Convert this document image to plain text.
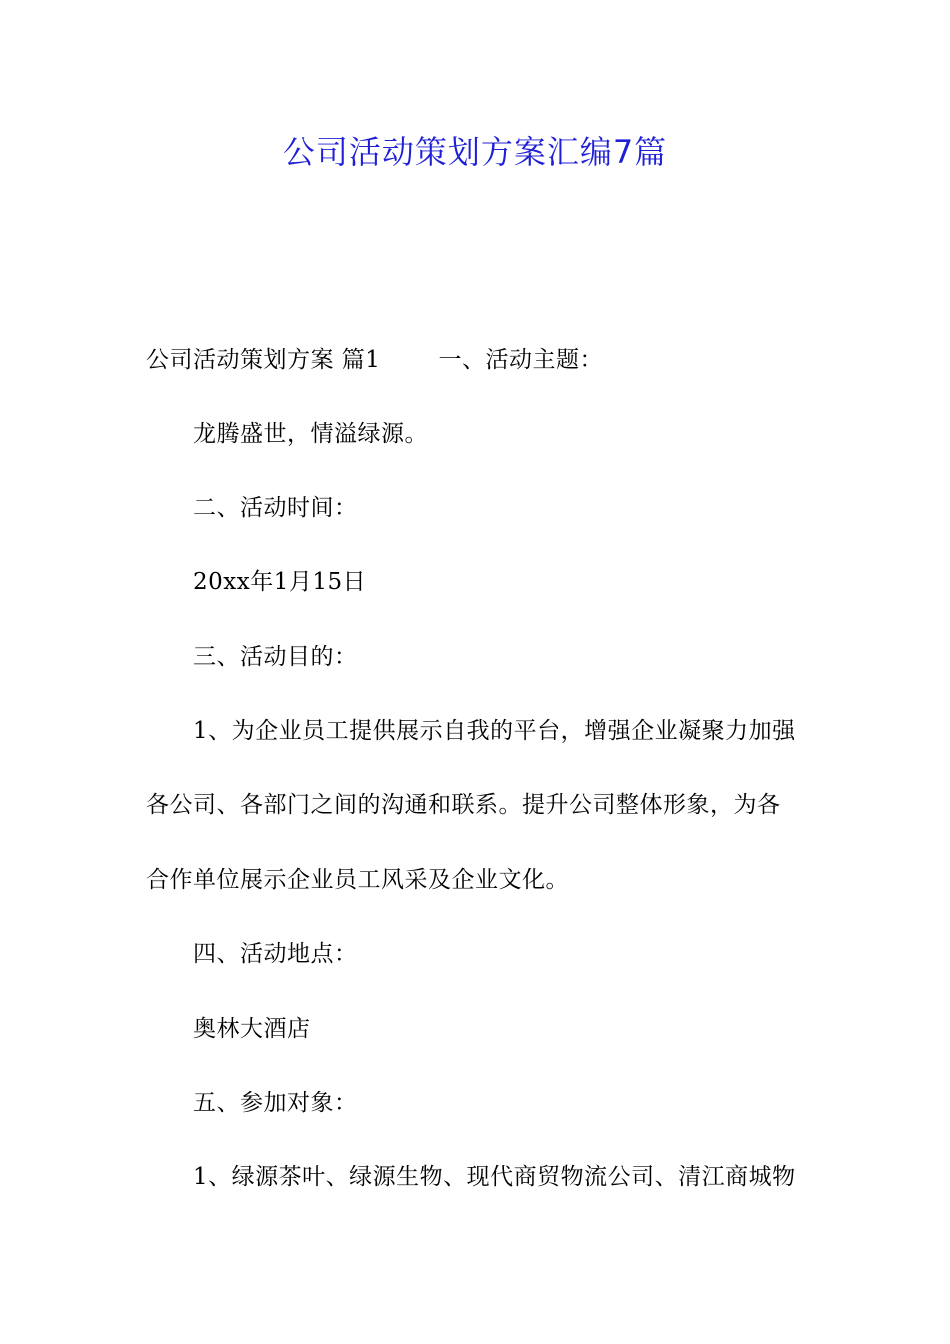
公司活动策划方案汇编7篇
公司活动策划方案 篇1	一、活动主题：
龙腾盛世，情溢绿源。
二、活动时间：
20xx年1月15日
三、活动目的：
1、为企业员工提供展示自我的平台，增强企业凝聚力加强
各公司、各部门之间的沟通和联系。提升公司整体形象，为各
合作单位展示企业员工风采及企业文化。
四、活动地点：
奥林大酒店
五、参加对象：
1、绿源茶叶、绿源生物、现代商贸物流公司、清江商城物
